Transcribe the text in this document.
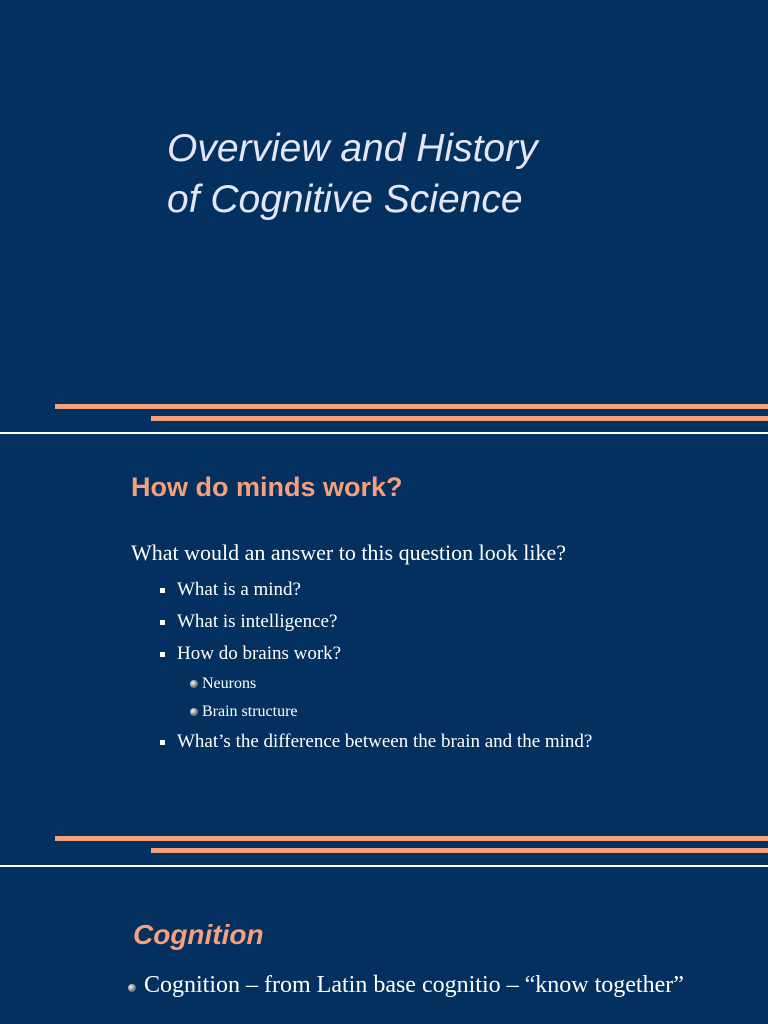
Overview and History
of Cognitive Science
How do minds work?

What would an answer to this question look like?

What is a mind?
What is intelligence?
How do brains work?
Neurons
Brain structure
What’s the difference between the brain and the mind?
Cognition

Cognition – from Latin base cognitio – “know together”
